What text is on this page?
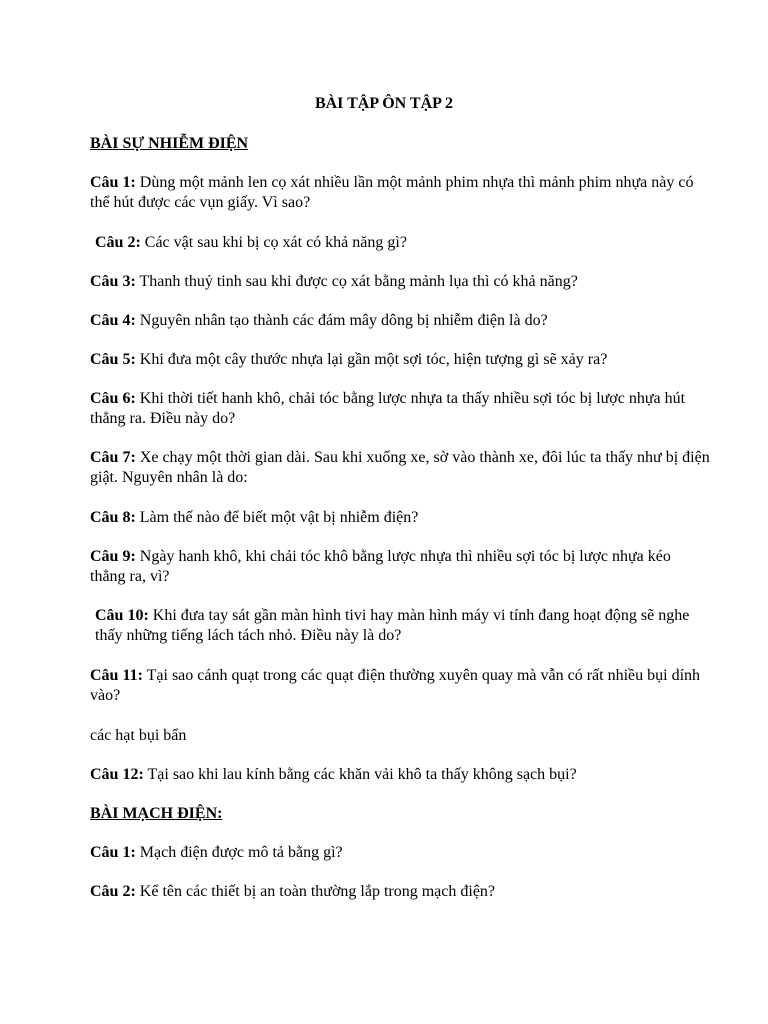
BÀI TẬP ÔN TẬP 2
BÀI SỰ NHIỄM ĐIỆN

Câu 1: Dùng một mảnh len cọ xát nhiều lần một mảnh phim nhựa thì mảnh phim nhựa này có thể hút được các vụn giấy. Vì sao?

Câu 2: Các vật sau khi bị cọ xát có khả năng gì?

Câu 3: Thanh thuỷ tinh sau khi được cọ xát bằng mảnh lụa thì có khả năng?

Câu 4: Nguyên nhân tạo thành các đám mây dông bị nhiễm điện là do?

Câu 5: Khi đưa một cây thước nhựa lại gần một sợi tóc, hiện tượng gì sẽ xảy ra?

Câu 6: Khi thời tiết hanh khô, chải tóc bằng lược nhựa ta thấy nhiều sợi tóc bị lược nhựa hút thẳng ra. Điều này do?

Câu 7: Xe chạy một thời gian dài. Sau khi xuống xe, sờ vào thành xe, đôi lúc ta thấy như bị điện giật. Nguyên nhân là do:

Câu 8: Làm thế nào để biết một vật bị nhiễm điện?

Câu 9: Ngày hanh khô, khi chải tóc khô bằng lược nhựa thì nhiều sợi tóc bị lược nhựa kéo thẳng ra, vì?

Câu 10: Khi đưa tay sát gần màn hình tivi hay màn hình máy vi tính đang hoạt động sẽ nghe thấy những tiếng lách tách nhỏ. Điều này là do?

Câu 11: Tại sao cánh quạt trong các quạt điện thường xuyên quay mà vẫn có rất nhiều bụi dính vào?

các hạt bụi bẩn

Câu 12: Tại sao khi lau kính bằng các khăn vải khô ta thấy không sạch bụi?

BÀI MẠCH ĐIỆN:

Câu 1: Mạch điện được mô tả bằng gì?

Câu 2: Kể tên các thiết bị an toàn thường lắp trong mạch điện?
